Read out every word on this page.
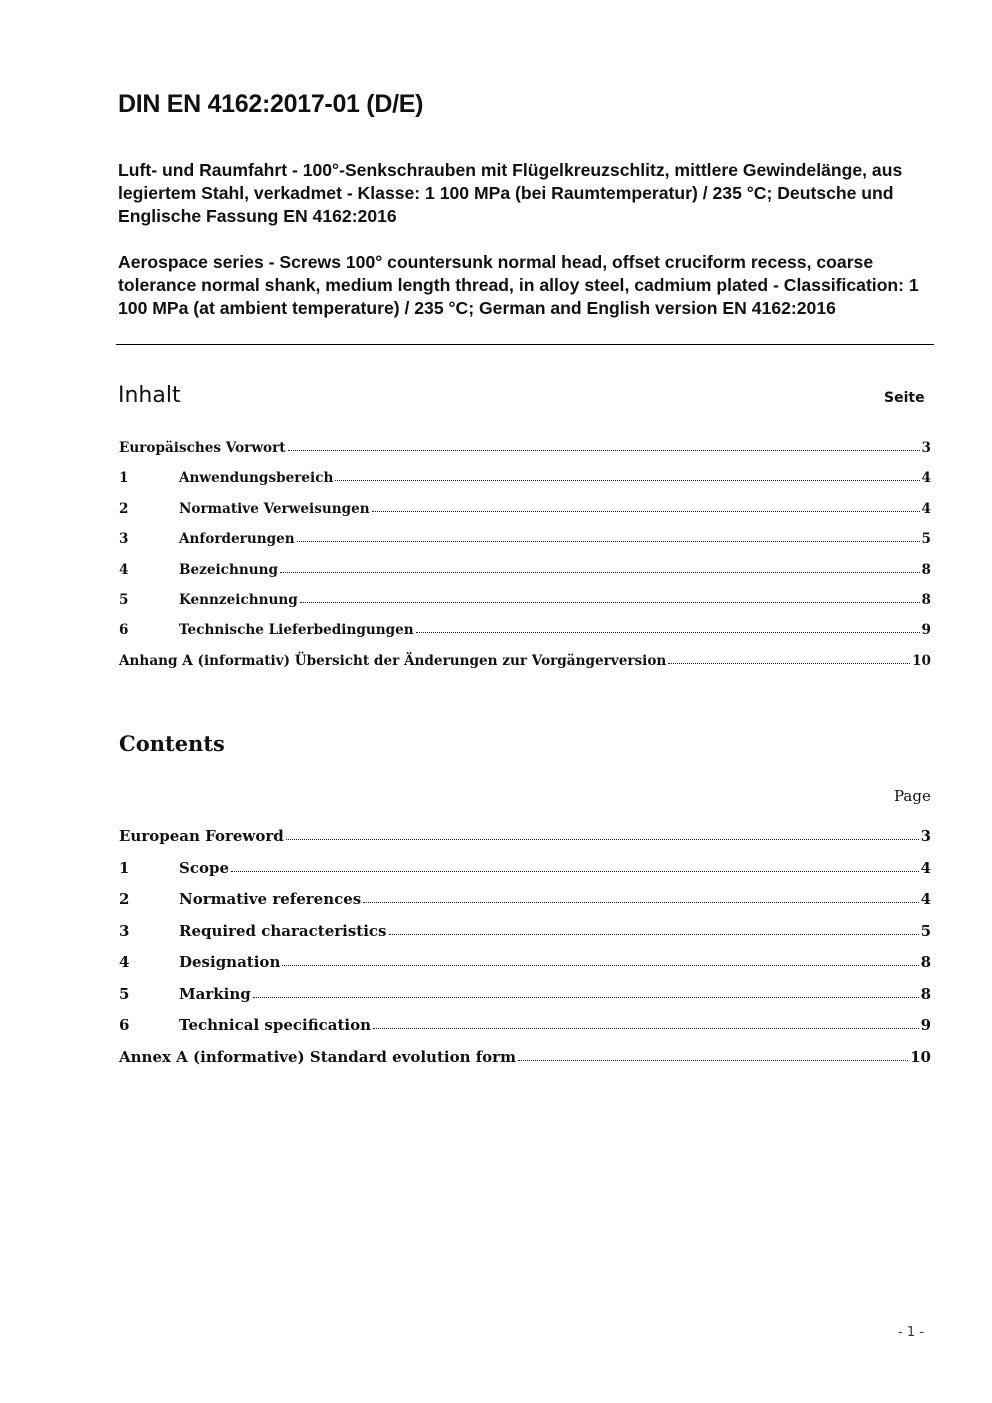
DIN EN 4162:2017-01 (D/E)

Luft- und Raumfahrt - 100°-Senkschrauben mit Flügelkreuzschlitz, mittlere Gewindelänge, aus legiertem Stahl, verkadmet - Klasse: 1 100 MPa (bei Raumtemperatur) / 235 °C; Deutsche und Englische Fassung EN 4162:2016

Aerospace series - Screws 100° countersunk normal head, offset cruciform recess, coarse tolerance normal shank, medium length thread, in alloy steel, cadmium plated - Classification: 1 100 MPa (at ambient temperature) / 235 °C; German and English version EN 4162:2016

Inhalt	Seite
Europäisches Vorwort	3
1	Anwendungsbereich	4
2	Normative Verweisungen	4
3	Anforderungen	5
4	Bezeichnung	8
5	Kennzeichnung	8
6	Technische Lieferbedingungen	9
Anhang A (informativ) Übersicht der Änderungen zur Vorgängerversion	10
Contents
Page
European Foreword	3
1	Scope	4
2	Normative references	4
3	Required characteristics	5
4	Designation	8
5	Marking	8
6	Technical specification	9
Annex A (informative) Standard evolution form	10
- 1 -
